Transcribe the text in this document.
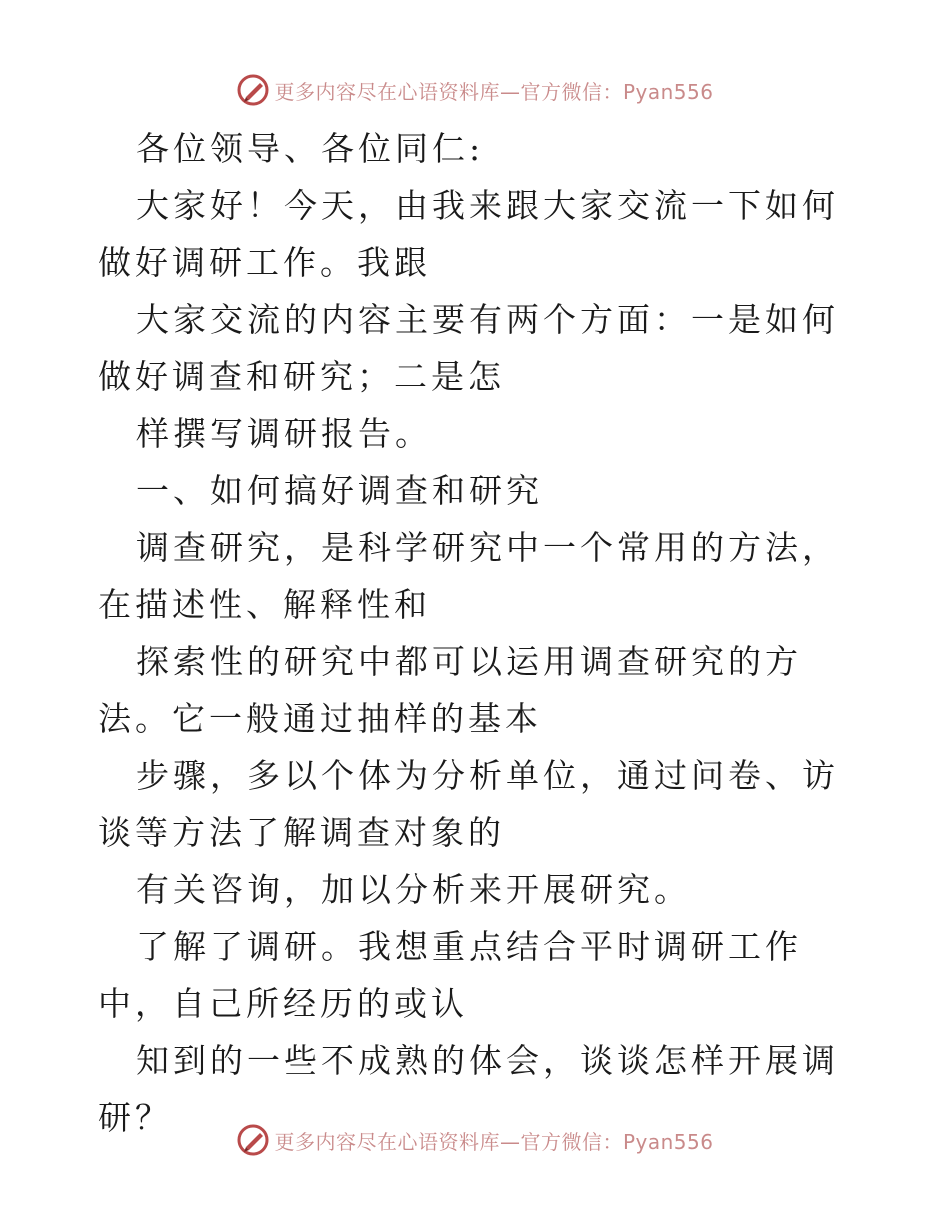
更多内容尽在心语资料库—官方微信：Pyan556

各位领导、各位同仁:

大家好！今天，由我来跟大家交流一下如何做好调研工作。我跟

大家交流的内容主要有两个方面：一是如何做好调查和研究；二是怎

样撰写调研报告。

一、如何搞好调查和研究

调查研究，是科学研究中一个常用的方法，在描述性、解释性和

探索性的研究中都可以运用调查研究的方法。它一般通过抽样的基本

步骤，多以个体为分析单位，通过问卷、访谈等方法了解调查对象的

有关咨询，加以分析来开展研究。

了解了调研。我想重点结合平时调研工作中，自己所经历的或认

知到的一些不成熟的体会，谈谈怎样开展调研？

更多内容尽在心语资料库—官方微信：Pyan556
